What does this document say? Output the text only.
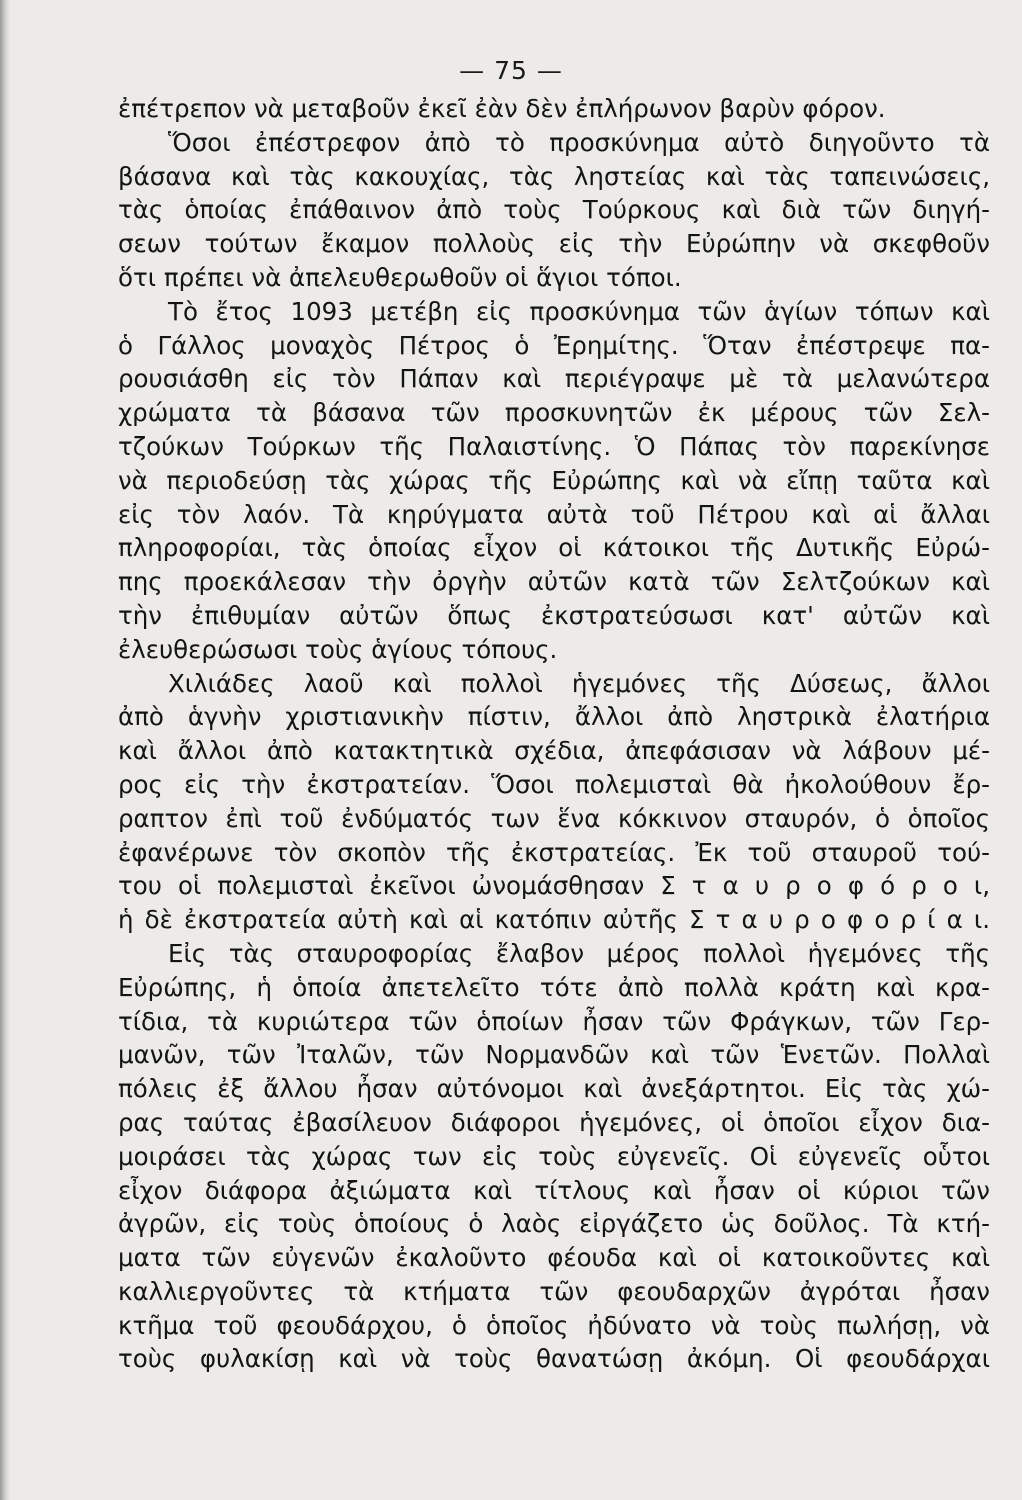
— 75 —

ἐπέτρεπον νὰ μεταβοῦν ἐκεῖ ἐὰν δὲν ἐπλήρωνον βαρὺν φόρον.

Ὅσοι ἐπέστρεφον ἀπὸ τὸ προσκύνημα αὐτὸ διηγοῦντο τὰ
βάσανα καὶ τὰς κακουχίας, τὰς ληστείας καὶ τὰς ταπεινώσεις,
τὰς ὁποίας ἐπάθαινον ἀπὸ τοὺς Τούρκους καὶ διὰ τῶν διηγή-
σεων τούτων ἔκαμον πολλοὺς εἰς τὴν Εὐρώπην νὰ σκεφθοῦν
ὅτι πρέπει νὰ ἀπελευθερωθοῦν οἱ ἅγιοι τόποι.

Τὸ ἔτος 1093 μετέβη εἰς προσκύνημα τῶν ἁγίων τόπων καὶ
ὁ Γάλλος μοναχὸς Πέτρος ὁ Ἐρημίτης. Ὅταν ἐπέστρεψε πα-
ρουσιάσθη εἰς τὸν Πάπαν καὶ περιέγραψε μὲ τὰ μελανώτερα
χρώματα τὰ βάσανα τῶν προσκυνητῶν ἐκ μέρους τῶν Σελ-
τζούκων Τούρκων τῆς Παλαιστίνης. Ὁ Πάπας τὸν παρεκίνησε
νὰ περιοδεύσῃ τὰς χώρας τῆς Εὐρώπης καὶ νὰ εἴπῃ ταῦτα καὶ
εἰς τὸν λαόν. Τὰ κηρύγματα αὐτὰ τοῦ Πέτρου καὶ αἱ ἄλλαι
πληροφορίαι, τὰς ὁποίας εἶχον οἱ κάτοικοι τῆς Δυτικῆς Εὐρώ-
πης προεκάλεσαν τὴν ὀργὴν αὐτῶν κατὰ τῶν Σελτζούκων καὶ
τὴν ἐπιθυμίαν αὐτῶν ὅπως ἐκστρατεύσωσι κατ' αὐτῶν καὶ
ἐλευθερώσωσι τοὺς ἁγίους τόπους.

Χιλιάδες λαοῦ καὶ πολλοὶ ἡγεμόνες τῆς Δύσεως, ἄλλοι
ἀπὸ ἁγνὴν χριστιανικὴν πίστιν, ἄλλοι ἀπὸ ληστρικὰ ἐλατήρια
καὶ ἄλλοι ἀπὸ κατακτητικὰ σχέδια, ἀπεφάσισαν νὰ λάβουν μέ-
ρος εἰς τὴν ἐκστρατείαν. Ὅσοι πολεμισταὶ θὰ ἠκολούθουν ἔρ-
ραπτον ἐπὶ τοῦ ἐνδύματός των ἕνα κόκκινον σταυρόν, ὁ ὁποῖος
ἐφανέρωνε τὸν σκοπὸν τῆς ἐκστρατείας. Ἐκ τοῦ σταυροῦ τού-
του οἱ πολεμισταὶ ἐκεῖνοι ὠνομάσθησαν Σ τ α υ ρ ο φ ό ρ ο ι,
ἡ δὲ ἐκστρατεία αὐτὴ καὶ αἱ κατόπιν αὐτῆς Σ τ α υ ρ ο φ ο ρ ί α ι.

Εἰς τὰς σταυροφορίας ἔλαβον μέρος πολλοὶ ἡγεμόνες τῆς
Εὐρώπης, ἡ ὁποία ἀπετελεῖτο τότε ἀπὸ πολλὰ κράτη καὶ κρα-
τίδια, τὰ κυριώτερα τῶν ὁποίων ἦσαν τῶν Φράγκων, τῶν Γερ-
μανῶν, τῶν Ἰταλῶν, τῶν Νορμανδῶν καὶ τῶν Ἑνετῶν. Πολλαὶ
πόλεις ἐξ ἄλλου ἦσαν αὐτόνομοι καὶ ἀνεξάρτητοι. Εἰς τὰς χώ-
ρας ταύτας ἐβασίλευον διάφοροι ἡγεμόνες, οἱ ὁποῖοι εἶχον δια-
μοιράσει τὰς χώρας των εἰς τοὺς εὐγενεῖς. Οἱ εὐγενεῖς οὗτοι
εἶχον διάφορα ἀξιώματα καὶ τίτλους καὶ ἦσαν οἱ κύριοι τῶν
ἀγρῶν, εἰς τοὺς ὁποίους ὁ λαὸς εἰργάζετο ὡς δοῦλος. Τὰ κτή-
ματα τῶν εὐγενῶν ἐκαλοῦντο φέουδα καὶ οἱ κατοικοῦντες καὶ
καλλιεργοῦντες τὰ κτήματα τῶν φεουδαρχῶν ἀγρόται ἦσαν
κτῆμα τοῦ φεουδάρχου, ὁ ὁποῖος ἠδύνατο νὰ τοὺς πωλήσῃ, νὰ
τοὺς φυλακίσῃ καὶ νὰ τοὺς θανατώσῃ ἀκόμη. Οἱ φεουδάρχαι
